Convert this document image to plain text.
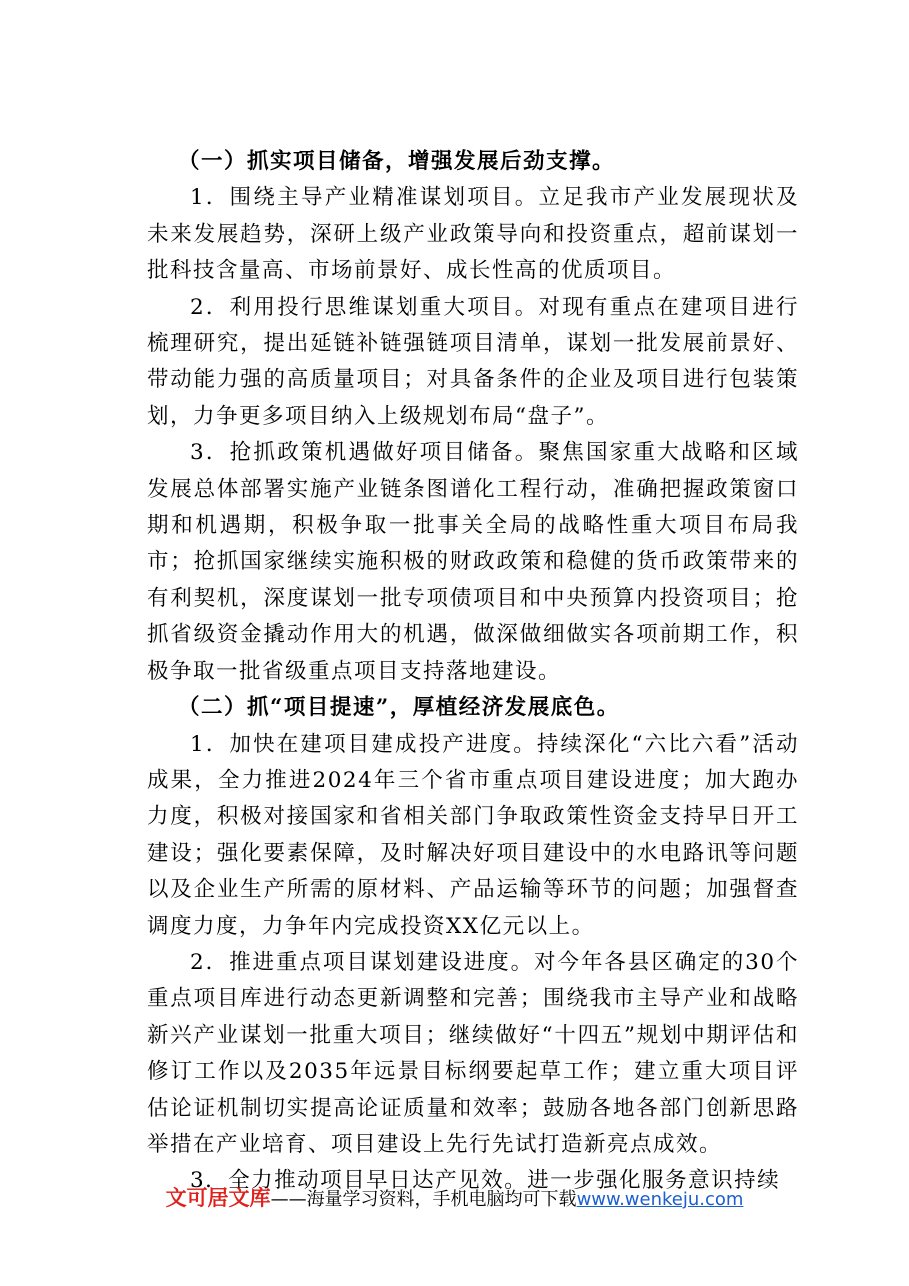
（一）抓实项目储备，增强发展后劲支撑。

1．围绕主导产业精准谋划项目。立足我市产业发展现状及未来发展趋势，深研上级产业政策导向和投资重点，超前谋划一批科技含量高、市场前景好、成长性高的优质项目。

2．利用投行思维谋划重大项目。对现有重点在建项目进行梳理研究，提出延链补链强链项目清单，谋划一批发展前景好、带动能力强的高质量项目；对具备条件的企业及项目进行包装策划，力争更多项目纳入上级规划布局“盘子”。

3．抢抓政策机遇做好项目储备。聚焦国家重大战略和区域发展总体部署实施产业链条图谱化工程行动，准确把握政策窗口期和机遇期，积极争取一批事关全局的战略性重大项目布局我市；抢抓国家继续实施积极的财政政策和稳健的货币政策带来的有利契机，深度谋划一批专项债项目和中央预算内投资项目；抢抓省级资金撬动作用大的机遇，做深做细做实各项前期工作，积极争取一批省级重点项目支持落地建设。

（二）抓“项目提速”，厚植经济发展底色。

1．加快在建项目建成投产进度。持续深化“六比六看”活动成果，全力推进2024年三个省市重点项目建设进度；加大跑办力度，积极对接国家和省相关部门争取政策性资金支持早日开工建设；强化要素保障，及时解决好项目建设中的水电路讯等问题以及企业生产所需的原材料、产品运输等环节的问题；加强督查调度力度，力争年内完成投资XX亿元以上。

2．推进重点项目谋划建设进度。对今年各县区确定的30个重点项目库进行动态更新调整和完善；围绕我市主导产业和战略新兴产业谋划一批重大项目；继续做好“十四五”规划中期评估和修订工作以及2035年远景目标纲要起草工作；建立重大项目评估论证机制切实提高论证质量和效率；鼓励各地各部门创新思路举措在产业培育、项目建设上先行先试打造新亮点成效。

3．全力推动项目早日达产见效。进一步强化服务意识持续

文可居文库——海量学习资料，手机电脑均可下载www.wenkeju.com
